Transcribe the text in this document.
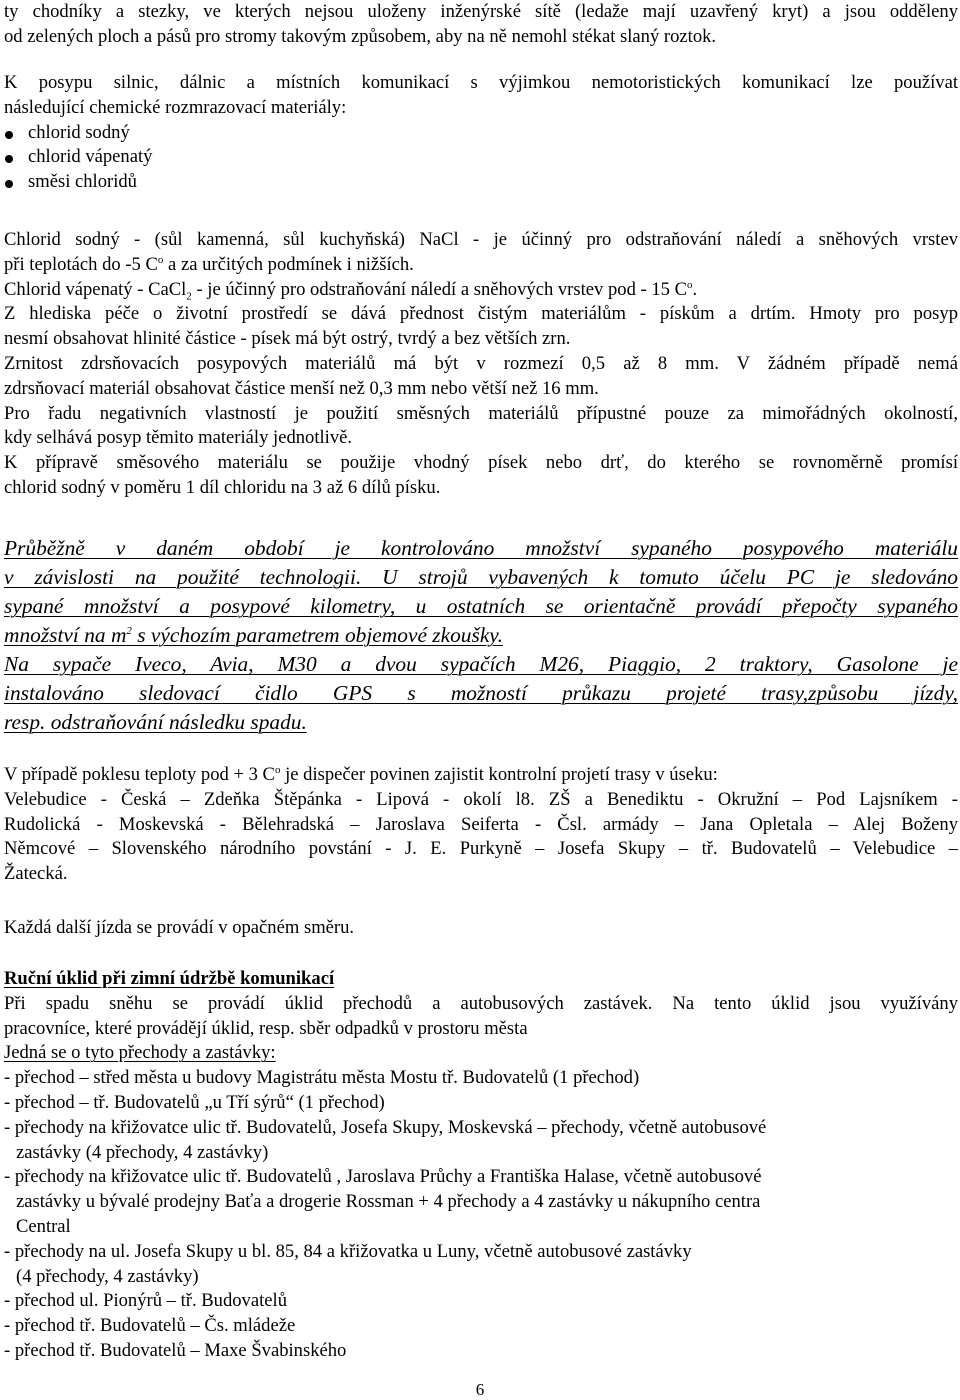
ty chodníky a stezky, ve kterých nejsou uloženy inženýrské sítě (ledaže mají uzavřený kryt) a jsou odděleny
od zelených ploch a pásů pro stromy takovým způsobem, aby na ně nemohl stékat slaný roztok.
K posypu silnic, dálnic a místních komunikací s výjimkou nemotoristických komunikací lze používat
následující chemické rozmrazovací materiály:
chlorid sodný
chlorid vápenatý
směsi chloridů
Chlorid sodný - (sůl kamenná, sůl kuchyňská) NaCl - je účinný pro odstraňování náledí a sněhových vrstev
při teplotách do -5 $C^o$ a za určitých podmínek i nižších.
Chlorid vápenatý - CaCl$_2$ - je účinný pro odstraňování náledí a sněhových vrstev pod - 15 $C^o$.
Z hlediska péče o životní prostředí se dává přednost čistým materiálům - pískům a drtím. Hmoty pro posyp
nesmí obsahovat hlinité částice - písek má být ostrý, tvrdý a bez větších zrn.
Zrnitost zdrsňovacích posypových materiálů má být v rozmezí 0,5 až 8 mm. V žádném případě nemá
zdrsňovací materiál obsahovat částice menší než 0,3 mm nebo větší než 16 mm.
Pro řadu negativních vlastností je použití směsných materiálů přípustné pouze za mimořádných okolností,
kdy selhává posyp těmito materiály jednotlivě.
K přípravě směsového materiálu se použije vhodný písek nebo drť, do kterého se rovnoměrně promísí
chlorid sodný v poměru 1 díl chloridu na 3 až 6 dílů písku.
Průběžně v daném období je kontrolováno množství sypaného posypového materiálu
v závislosti na použité technologii. U strojů vybavených k tomuto účelu PC je sledováno
sypané množství a posypové kilometry, u ostatních se orientačně provádí přepočty sypaného
množství na $m^2$ s výchozím parametrem objemové zkoušky.
Na sypače Iveco, Avia, M30 a dvou sypačích M26, Piaggio, 2 traktory, Gasolone je
instalováno sledovací čidlo GPS s možností průkazu projeté trasy,způsobu jízdy,
resp. odstraňování následku spadu.
V případě poklesu teploty pod + 3 $C^o$ je dispečer povinen zajistit kontrolní projetí trasy v úseku:
Velebudice - Česká – Zdeňka Štěpánka - Lipová - okolí l8. ZŠ a Benediktu - Okružní – Pod Lajsníkem -
Rudolická - Moskevská - Bělehradská – Jaroslava Seiferta - Čsl. armády – Jana Opletala – Alej Boženy
Němcové – Slovenského národního povstání - J. E. Purkyně – Josefa Skupy – tř. Budovatelů – Velebudice –
Žatecká.
Každá další jízda se provádí v opačném směru.
Ruční úklid při zimní údržbě komunikací
Při spadu sněhu se provádí úklid přechodů a autobusových zastávek. Na tento úklid jsou využívány
pracovníce, které provádějí úklid, resp. sběr odpadků v prostoru města
Jedná se o tyto přechody a zastávky:
- přechod – střed města u budovy Magistrátu města Mostu tř. Budovatelů (1 přechod)
- přechod – tř. Budovatelů „u Tří sýrů“ (1 přechod)
- přechody na křižovatce ulic tř. Budovatelů, Josefa Skupy, Moskevská – přechody, včetně autobusové
zastávky (4 přechody, 4 zastávky)
- přechody na křižovatce ulic tř. Budovatelů , Jaroslava Průchy a Františka Halase, včetně autobusové
zastávky u bývalé prodejny Baťa a drogerie Rossman + 4 přechody a 4 zastávky u nákupního centra
Central
- přechody na ul. Josefa Skupy u bl. 85, 84 a křižovatka u Luny, včetně autobusové zastávky
(4 přechody, 4 zastávky)
- přechod ul. Pionýrů – tř. Budovatelů
- přechod tř. Budovatelů – Čs. mládeže
- přechod tř. Budovatelů – Maxe Švabinského
6
